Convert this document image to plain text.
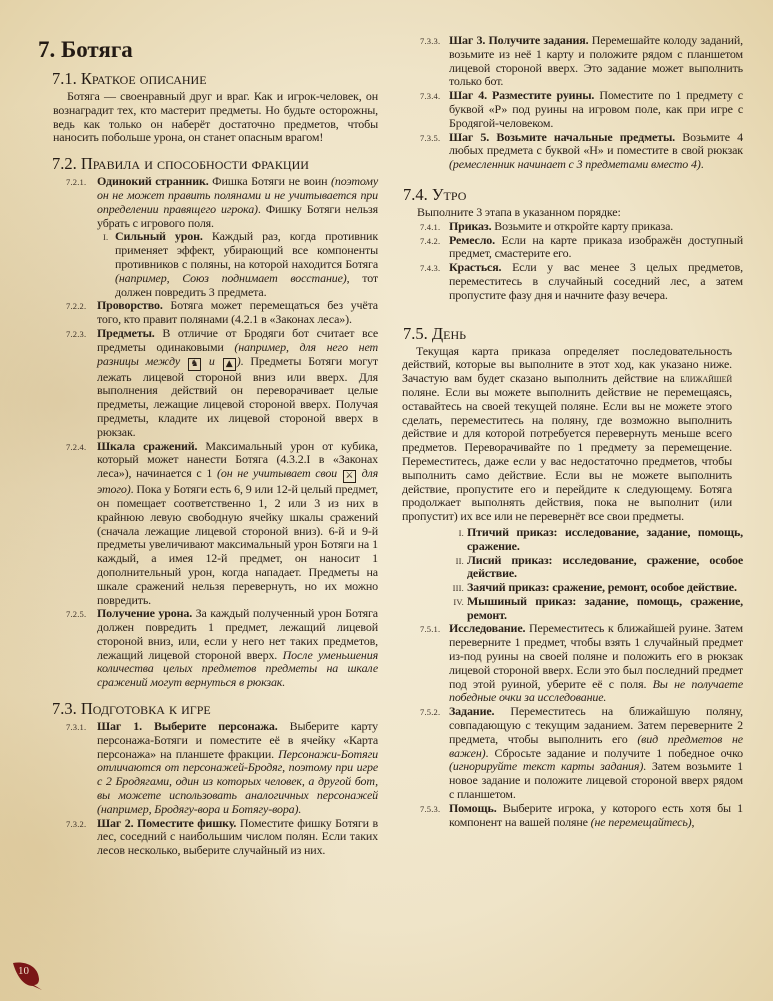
7. Ботяга
7.1. Краткое описание
Ботяга — своенравный друг и враг. Как и игрок-человек, он вознаградит тех, кто мастерит предметы. Но будьте осторожны, ведь как только он наберёт достаточно предметов, чтобы наносить побольше урона, он станет опасным врагом!
7.2. Правила и способности фракции
7.2.1. Одинокий странник. Фишка Ботяги не воин (поэтому он не может править полянами и не учитывается при определении правящего игрока). Фишку Ботяги нельзя убрать с игрового поля.
I. Сильный урон. Каждый раз, когда противник применяет эффект, убирающий все компоненты противников с поляны, на которой находится Ботяга (например, Союз поднимает восстание), тот должен повредить 3 предмета.
7.2.2. Проворство. Ботяга может перемещаться без учёта того, кто правит полянами (4.2.1 в «Законах леса»).
7.2.3. Предметы. В отличие от Бродяги бот считает все предметы одинаковыми (например, для него нет разницы между ♞ и ▲ ). Предметы Ботяги могут лежать лицевой стороной вниз или вверх. Для выполнения действий он переворачивает целые предметы, лежащие лицевой стороной вверх. Получая предметы, кладите их лицевой стороной вверх в рюкзак.
7.2.4. Шкала сражений. Максимальный урон от кубика, который может нанести Ботяга (4.3.2.I в «Законах леса»), начинается с 1 (он не учитывает свои ⚔ для этого). Пока у Ботяги есть 6, 9 или 12-й целый предмет, он помещает соответственно 1, 2 или 3 из них в крайнюю левую свободную ячейку шкалы сражений (сначала лежащие лицевой стороной вниз). 6-й и 9-й предметы увеличивают максимальный урон Ботяги на 1 каждый, а имея 12-й предмет, он наносит 1 дополнительный урон, когда нападает. Предметы на шкале сражений нельзя перевернуть, но их можно повредить.
7.2.5. Получение урона. За каждый полученный урон Ботяга должен повредить 1 предмет, лежащий лицевой стороной вниз, или, если у него нет таких предметов, лежащий лицевой стороной вверх. После уменьшения количества целых предметов предметы на шкале сражений могут вернуться в рюкзак.
7.3. Подготовка к игре
7.3.1. Шаг 1. Выберите персонажа. Выберите карту персонажа-Ботяги и поместите её в ячейку «Карта персонажа» на планшете фракции. Персонажи-Ботяги отличаются от персонажей-Бродяг, поэтому при игре с 2 Бродягами, один из которых человек, а другой бот, вы можете использовать аналогичных персонажей (например, Бродягу-вора и Ботягу-вора).
7.3.2. Шаг 2. Поместите фишку. Поместите фишку Ботяги в лес, соседний с наибольшим числом полян. Если таких лесов несколько, выберите случайный из них.
7.3.3. Шаг 3. Получите задания. Перемешайте колоду заданий, возьмите из неё 1 карту и положите рядом с планшетом лицевой стороной вверх. Это задание может выполнить только бот.
7.3.4. Шаг 4. Разместите руины. Поместите по 1 предмету с буквой «Р» под руины на игровом поле, как при игре с Бродягой-человеком.
7.3.5. Шаг 5. Возьмите начальные предметы. Возьмите 4 любых предмета с буквой «Н» и поместите в свой рюкзак (ремесленник начинает с 3 предметами вместо 4).
7.4. Утро
Выполните 3 этапа в указанном порядке:
7.4.1. Приказ. Возьмите и откройте карту приказа.
7.4.2. Ремесло. Если на карте приказа изображён доступный предмет, смастерите его.
7.4.3. Красться. Если у вас менее 3 целых предметов, переместитесь в случайный соседний лес, а затем пропустите фазу дня и начните фазу вечера.
7.5. День
Текущая карта приказа определяет последовательность действий, которые вы выполните в этот ход, как указано ниже. Зачастую вам будет сказано выполнить действие на ближайшей поляне. Если вы можете выполнить действие не перемещаясь, оставайтесь на своей текущей поляне. Если вы не можете этого сделать, переместитесь на поляну, где возможно выполнить действие и для которой потребуется перевернуть меньше всего предметов. Переворачивайте по 1 предмету за перемещение. Переместитесь, даже если у вас недостаточно предметов, чтобы выполнить само действие. Если вы не можете выполнить действие, пропустите его и перейдите к следующему. Ботяга продолжает выполнять действия, пока не выполнит (или пропустит) их все или не перевернёт все свои предметы.
I. Птичий приказ: исследование, задание, помощь, сражение.
II. Лисий приказ: исследование, сражение, особое действие.
III. Заячий приказ: сражение, ремонт, особое действие.
IV. Мышиный приказ: задание, помощь, сражение, ремонт.
7.5.1. Исследование. Переместитесь к ближайшей руине. Затем переверните 1 предмет, чтобы взять 1 случайный предмет из-под руины на своей поляне и положить его в рюкзак лицевой стороной вверх. Если это был последний предмет под этой руиной, уберите её с поля. Вы не получаете победные очки за исследование.
7.5.2. Задание. Переместитесь на ближайшую поляну, совпадающую с текущим заданием. Затем переверните 2 предмета, чтобы выполнить его (вид предметов не важен). Сбросьте задание и получите 1 победное очко (игнорируйте текст карты задания). Затем возьмите 1 новое задание и положите лицевой стороной вверх рядом с планшетом.
7.5.3. Помощь. Выберите игрока, у которого есть хотя бы 1 компонент на вашей поляне (не перемещайтесь),
10
